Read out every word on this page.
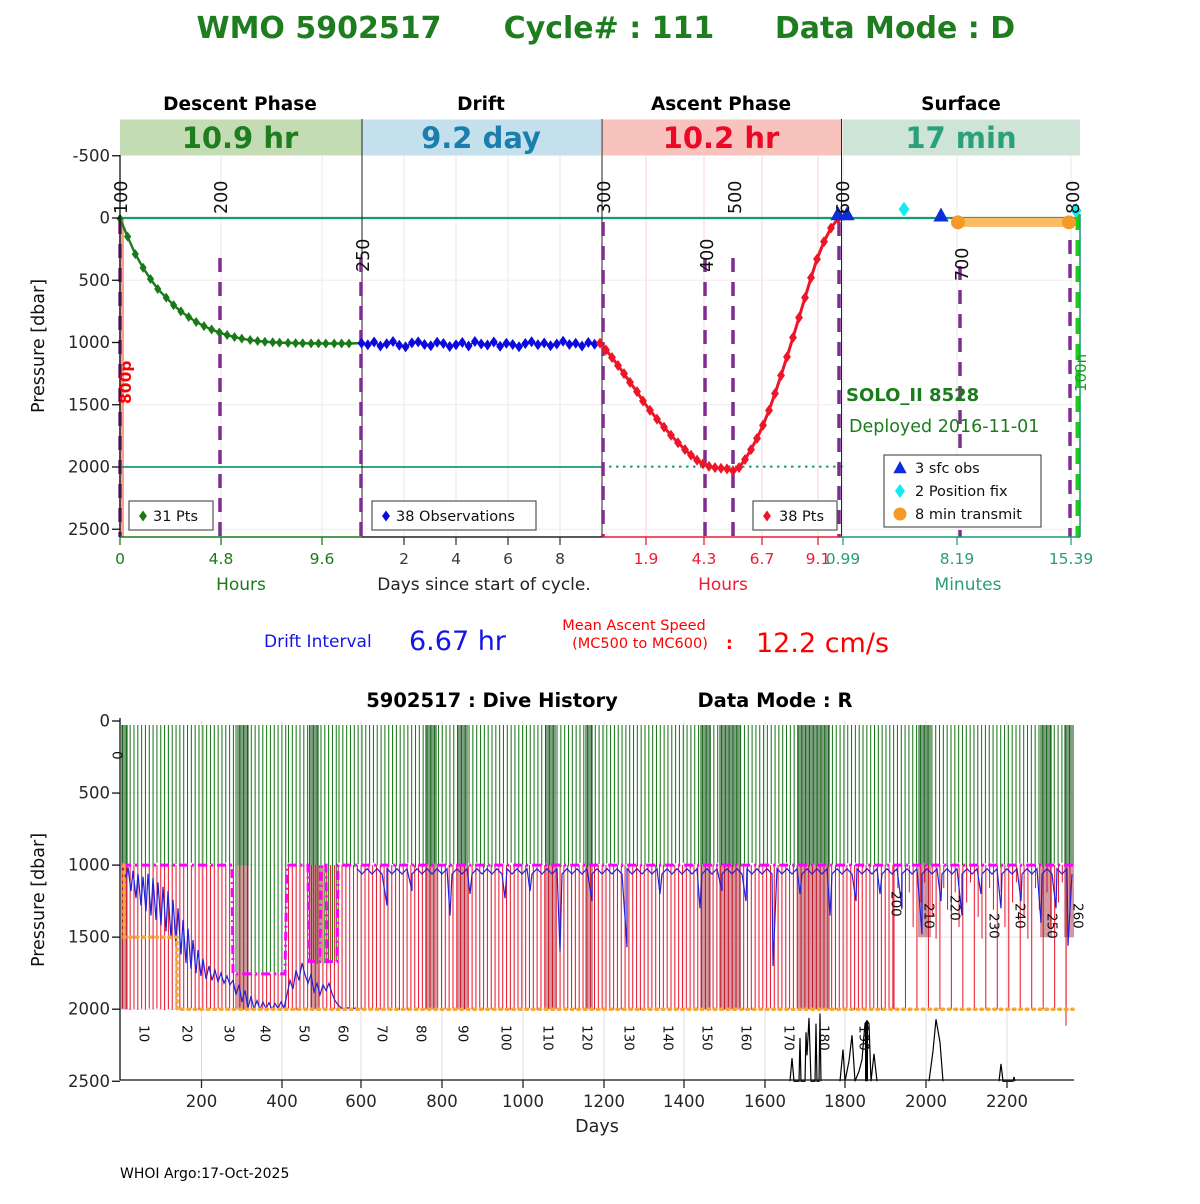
WMO 5902517 Cycle# : 111 Data Mode : D
Descent Phase	Drift	Ascent Phase	Surface
10.9 hr	9.2 day	10.2 hr	17 min
-500
0
500
1000
1500
2000
2500
0	4.8	9.6	2	4	6	8	1.9 4.3 6.7 9.1
0.99	8.19	15.39
100	200
250
300
400
500	600
700
800
Pressure [dbar]	800p	100n
Hours	Days since start of cycle.	Hours	Minutes
SOLO_II 8528
Deployed 2016-11-01
31 Pts	38 Observations	38 Pts
3 sfc obs
2 Position fix
8 min transmit
Drift Interval 6.67 hr	Mean Ascent Speed
(MC500 to MC600) : 12.2 cm/s
5902517 : Dive History	Data Mode : R
0
10 20 30 40 50 60 70 80 90 100 110 120 130 140 150 160 170 180 190
200 210 220
230 240 250 260
0
500
1000
1500
2000
2500
200	400	600	800	1000 1200 1400 1600 1800 2000 2200
Pressure [dbar]
Days
WHOI Argo:17-Oct-2025
